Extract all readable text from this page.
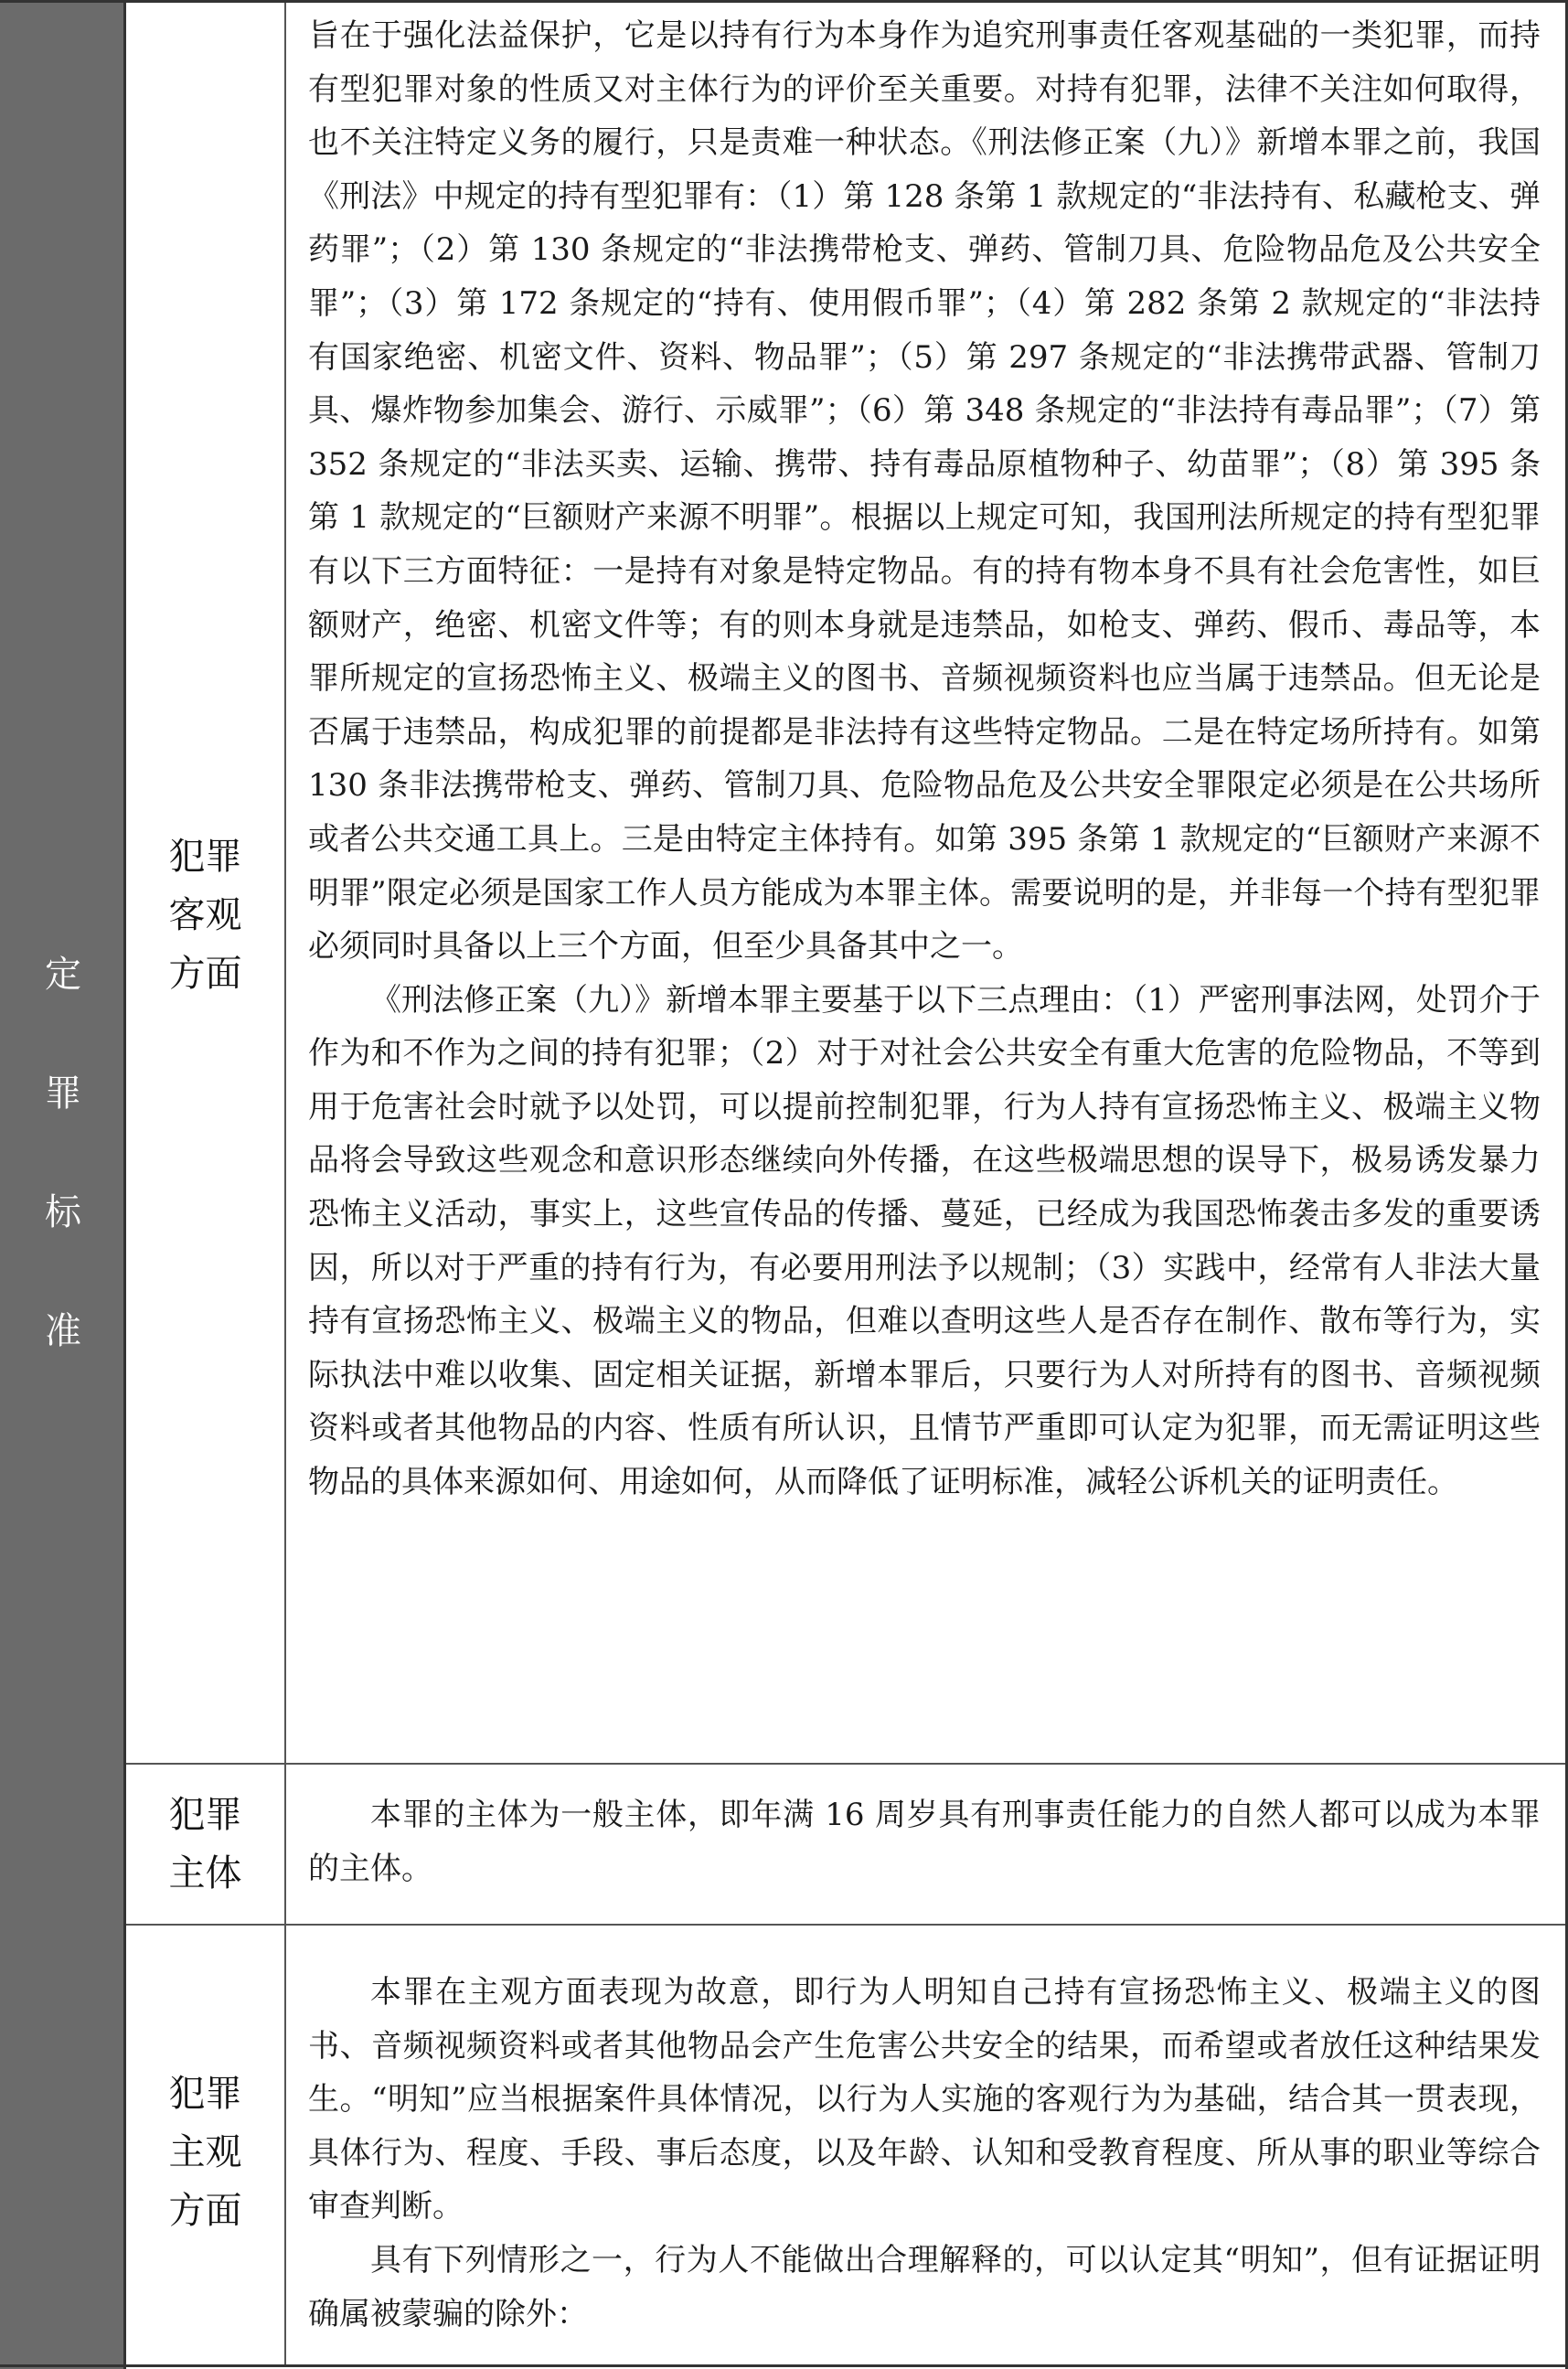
定
罪
标
准
犯罪客观方面

旨在于强化法益保护，它是以持有行为本身作为追究刑事责任客观基础的一类犯罪，而持有型犯罪对象的性质又对主体行为的评价至关重要。对持有犯罪，法律不关注如何取得，也不关注特定义务的履行，只是责难一种状态。《刑法修正案（九）》新增本罪之前，我国《刑法》中规定的持有型犯罪有：（1）第 128 条第 1 款规定的“非法持有、私藏枪支、弹药罪”；（2）第 130 条规定的“非法携带枪支、弹药、管制刀具、危险物品危及公共安全罪”；（3）第 172 条规定的“持有、使用假币罪”；（4）第 282 条第 2 款规定的“非法持有国家绝密、机密文件、资料、物品罪”；（5）第 297 条规定的“非法携带武器、管制刀具、爆炸物参加集会、游行、示威罪”；（6）第 348 条规定的“非法持有毒品罪”；（7）第 352 条规定的“非法买卖、运输、携带、持有毒品原植物种子、幼苗罪”；（8）第 395 条第 1 款规定的“巨额财产来源不明罪”。根据以上规定可知，我国刑法所规定的持有型犯罪有以下三方面特征：一是持有对象是特定物品。有的持有物本身不具有社会危害性，如巨额财产，绝密、机密文件等；有的则本身就是违禁品，如枪支、弹药、假币、毒品等，本罪所规定的宣扬恐怖主义、极端主义的图书、音频视频资料也应当属于违禁品。但无论是否属于违禁品，构成犯罪的前提都是非法持有这些特定物品。二是在特定场所持有。如第 130 条非法携带枪支、弹药、管制刀具、危险物品危及公共安全罪限定必须是在公共场所或者公共交通工具上。三是由特定主体持有。如第 395 条第 1 款规定的“巨额财产来源不明罪”限定必须是国家工作人员方能成为本罪主体。需要说明的是，并非每一个持有型犯罪必须同时具备以上三个方面，但至少具备其中之一。

《刑法修正案（九）》新增本罪主要基于以下三点理由：（1）严密刑事法网，处罚介于作为和不作为之间的持有犯罪；（2）对于对社会公共安全有重大危害的危险物品，不等到用于危害社会时就予以处罚，可以提前控制犯罪，行为人持有宣扬恐怖主义、极端主义物品将会导致这些观念和意识形态继续向外传播，在这些极端思想的误导下，极易诱发暴力恐怖主义活动，事实上，这些宣传品的传播、蔓延，已经成为我国恐怖袭击多发的重要诱因，所以对于严重的持有行为，有必要用刑法予以规制；（3）实践中，经常有人非法大量持有宣扬恐怖主义、极端主义的物品，但难以查明这些人是否存在制作、散布等行为，实际执法中难以收集、固定相关证据，新增本罪后，只要行为人对所持有的图书、音频视频资料或者其他物品的内容、性质有所认识，且情节严重即可认定为犯罪，而无需证明这些物品的具体来源如何、用途如何，从而降低了证明标准，减轻公诉机关的证明责任。

犯罪主体

本罪的主体为一般主体，即年满 16 周岁具有刑事责任能力的自然人都可以成为本罪的主体。

犯罪主观方面

本罪在主观方面表现为故意，即行为人明知自己持有宣扬恐怖主义、极端主义的图书、音频视频资料或者其他物品会产生危害公共安全的结果，而希望或者放任这种结果发生。“明知”应当根据案件具体情况，以行为人实施的客观行为为基础，结合其一贯表现，具体行为、程度、手段、事后态度，以及年龄、认知和受教育程度、所从事的职业等综合审查判断。

具有下列情形之一，行为人不能做出合理解释的，可以认定其“明知”，但有证据证明确属被蒙骗的除外：
